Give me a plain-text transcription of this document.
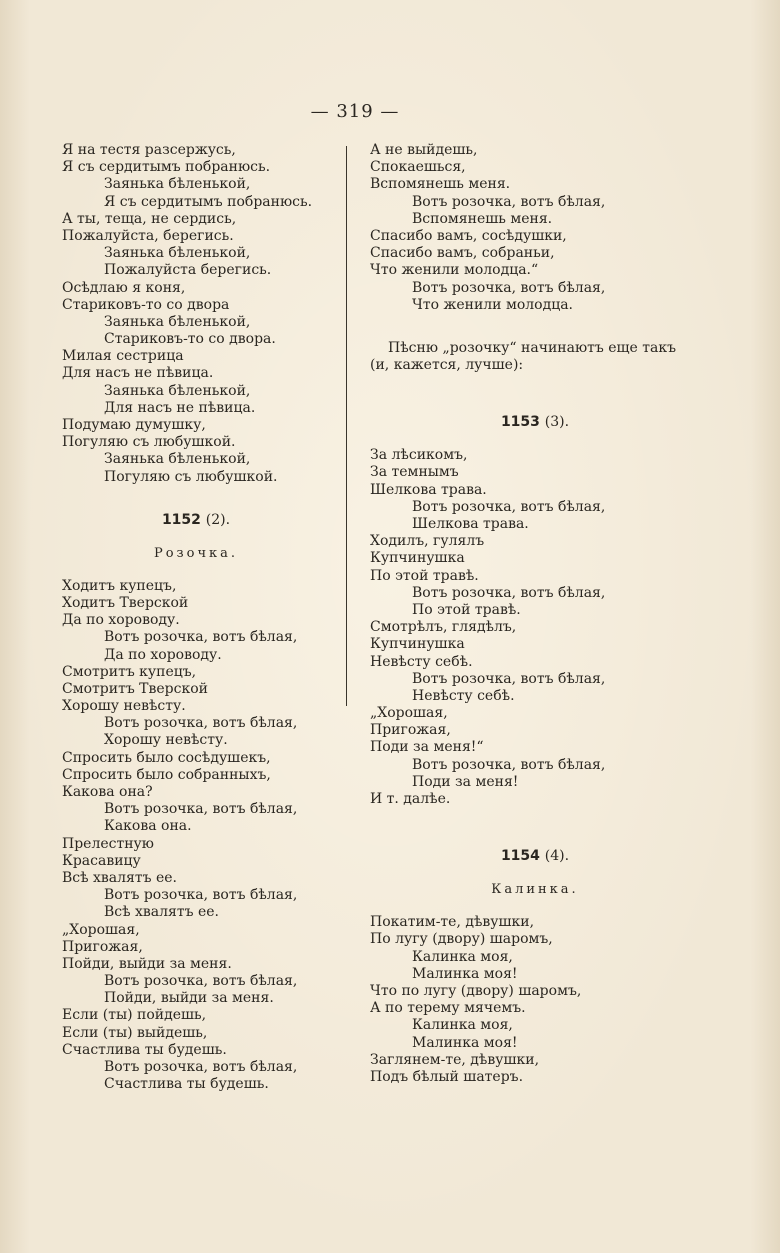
— 319 —
Я на тестя разсержусь,
Я съ сердитымъ побранюсь.
Заянька бѣленькой,
Я съ сердитымъ побранюсь.
А ты, теща, не сердись,
Пожалуйста, берегись.
Заянька бѣленькой,
Пожалуйста берегись.
Осѣдлаю я коня,
Стариковъ-то со двора
Заянька бѣленькой,
Стариковъ-то со двора.
Милая сестрица
Для насъ не пѣвица.
Заянька бѣленькой,
Для насъ не пѣвица.
Подумаю думушку,
Погуляю съ любушкой.
Заянька бѣленькой,
Погуляю съ любушкой.
1152 (2).
Розочка.
Ходитъ купецъ,
Ходитъ Тверской
Да по хороводу.
Вотъ розочка, вотъ бѣлая,
Да по хороводу.
Смотритъ купецъ,
Смотритъ Тверской
Хорошу невѣсту.
Вотъ розочка, вотъ бѣлая,
Хорошу невѣсту.
Спросить было сосѣдушекъ,
Спросить было собранныхъ,
Какова она?
Вотъ розочка, вотъ бѣлая,
Какова она.
Прелестную
Красавицу
Всѣ хвалятъ ее.
Вотъ розочка, вотъ бѣлая,
Всѣ хвалятъ ее.
„Хорошая,
Пригожая,
Пойди, выйди за меня.
Вотъ розочка, вотъ бѣлая,
Пойди, выйди за меня.
Если (ты) пойдешь,
Если (ты) выйдешь,
Счастлива ты будешь.
Вотъ розочка, вотъ бѣлая,
Счастлива ты будешь.
А не выйдешь,
Спокаешься,
Вспомянешь меня.
Вотъ розочка, вотъ бѣлая,
Вспомянешь меня.
Спасибо вамъ, сосѣдушки,
Спасибо вамъ, собраньи,
Что женили молодца.“
Вотъ розочка, вотъ бѣлая,
Что женили молодца.
Пѣсню „розочку“ начинаютъ еще такъ (и, кажется, лучше):
1153 (3).
За лѣсикомъ,
За темнымъ
Шелкова трава.
Вотъ розочка, вотъ бѣлая,
Шелкова трава.
Ходилъ, гулялъ
Купчинушка
По этой травѣ.
Вотъ розочка, вотъ бѣлая,
По этой травѣ.
Смотрѣлъ, глядѣлъ,
Купчинушка
Невѣсту себѣ.
Вотъ розочка, вотъ бѣлая,
Невѣсту себѣ.
„Хорошая,
Пригожая,
Поди за меня!“
Вотъ розочка, вотъ бѣлая,
Поди за меня!
И т. далѣе.
1154 (4).
Калинка.
Покатим-те, дѣвушки,
По лугу (двору) шаромъ,
Калинка моя,
Малинка моя!
Что по лугу (двору) шаромъ,
А по терему мячемъ.
Калинка моя,
Малинка моя!
Заглянем-те, дѣвушки,
Подъ бѣлый шатеръ.
